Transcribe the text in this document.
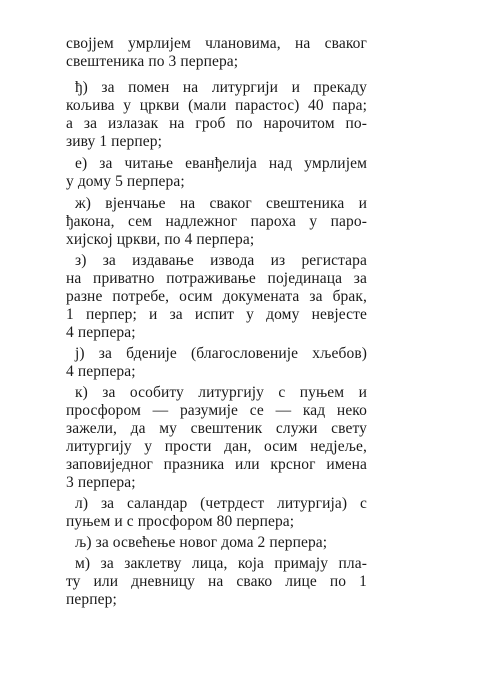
својјем умрлијем члановима, на сваког
свештеника по 3 перпера;
ђ) за помен на литургији и прекаду
кољива у цркви (мали парастос) 40 пара;
а за излазак на гроб по нарочитом по-
зиву 1 перпер;
е) за читање еванђелија над умрлијем
у дому 5 перпера;
ж) вјенчање на сваког свештеника и
ђакона, сем надлежног пароха у паро-
хијској цркви, по 4 перпера;
з) за издавање извода из регистара
на приватно потраживање појединаца за
разне потребе, осим докумената за брак,
1 перпер; и за испит у дому невјесте
4 перпера;
ј) за бденије (благословеније хљебов)
4 перпера;
к) за особиту литургију с пуњем и
просфором — разумије се — кад неко
зажели, да му свештеник служи свету
литургију у прости дан, осим недјеље,
заповиједног празника или крсног имена
3 перпера;
л) за саландар (четрдест литургија) с
пуњем и с просфором 80 перпера;
љ) за освећење новог дома 2 перпера;
м) за заклетву лица, која примају пла-
ту или дневницу на свако лице по 1
перпер;
